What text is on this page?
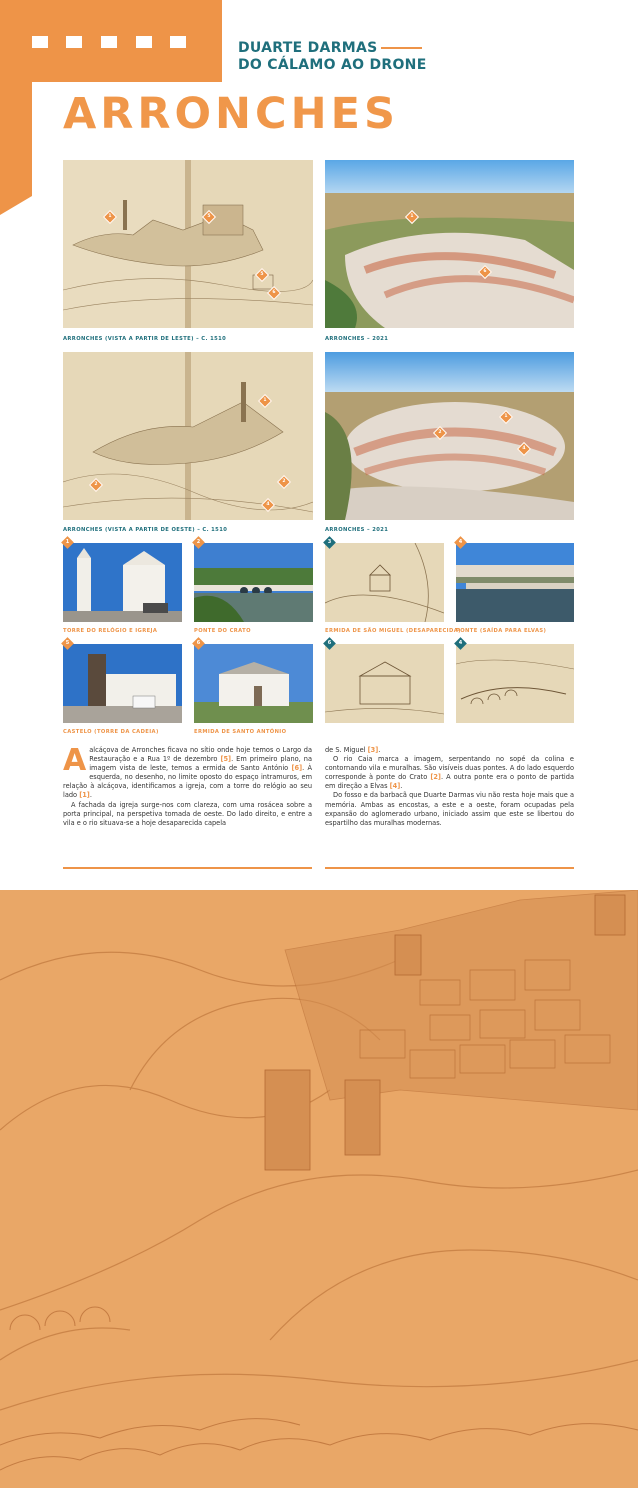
DUARTE DARMAS
DO CÁLAMO AO DRONE
ARRONCHES
1	5
5
6
ARRONCHES (VISTA A PARTIR DE LESTE) – C. 1510
1
6
ARRONCHES – 2021
1
2
2
4
ARRONCHES (VISTA A PARTIR DE OESTE) – C. 1510
2
1
4
ARRONCHES – 2021
1
TORRE DO RELÓGIO E IGREJA
2
PONTE DO CRATO
3
ERMIDA DE SÃO MIGUEL (DESAPARECIDA)
4
PONTE (SAÍDA PARA ELVAS)
5
CASTELO (TORRE DA CADEIA)
6
ERMIDA DE SANTO ANTÓNIO
6	4

Aalcáçova de Arronches ficava no sítio onde hoje temos o Largo da Restauração e a Rua 1º de dezembro [5]. Em primeiro plano, na imagem vista de leste, temos a ermida de Santo António [6]. À esquerda, no desenho, no limite oposto do espaço intramuros, em relação à alcáçova, identificamos a igreja, com a torre do relógio ao seu lado [1].

A fachada da igreja surge-nos com clareza, com uma rosácea sobre a porta principal, na perspetiva tomada de oeste. Do lado direito, e entre a vila e o rio situava-se a hoje desaparecida capela

de S. Miguel [3].

O rio Caia marca a imagem, serpentando no sopé da colina e contornando vila e muralhas. São visíveis duas pontes. A do lado esquerdo corresponde à ponte do Crato [2]. A outra ponte era o ponto de partida em direção a Elvas [4].

Do fosso e da barbacã que Duarte Darmas viu não resta hoje mais que a memória. Ambas as encostas, a este e a oeste, foram ocupadas pela expansão do aglomerado urbano, iniciado assim que este se libertou do espartilho das muralhas modernas.
